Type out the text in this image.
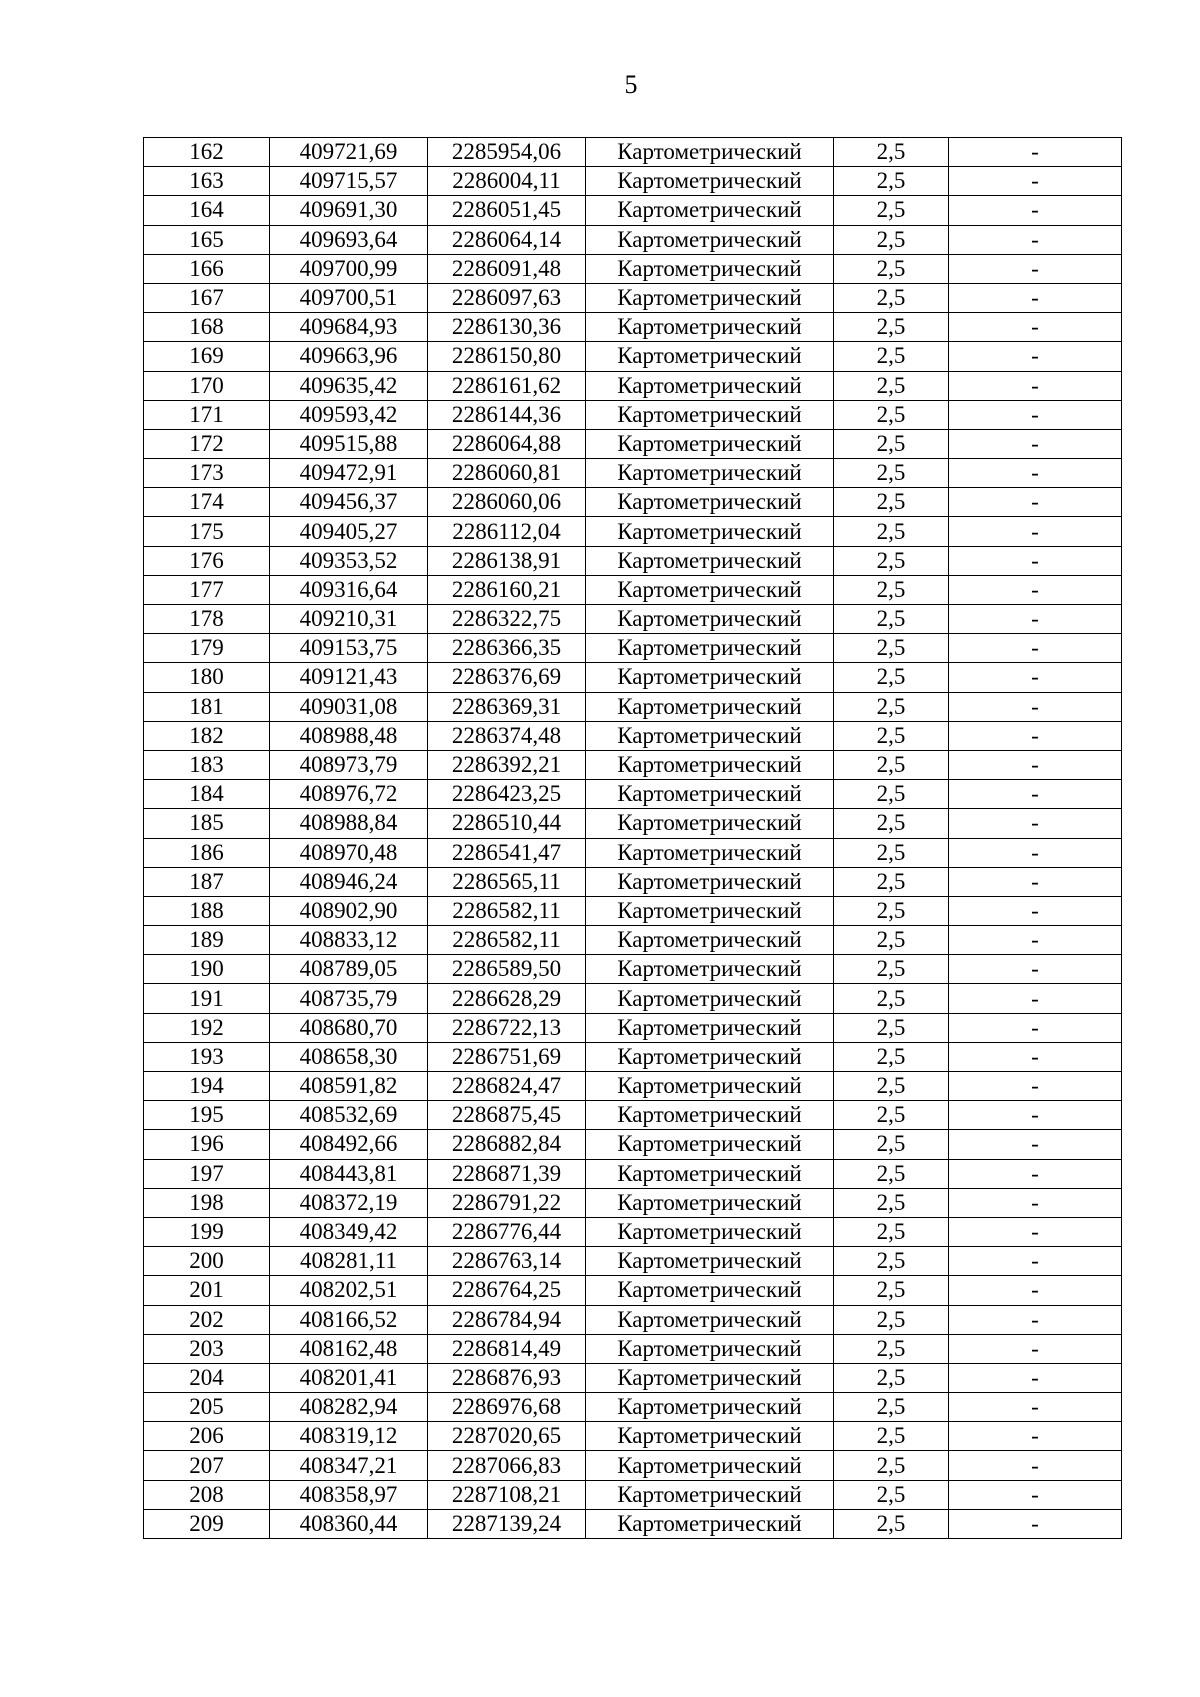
5
162	409721,69	2285954,06	Картометрический	2,5	-
163	409715,57	2286004,11	Картометрический	2,5	-
164	409691,30	2286051,45	Картометрический	2,5	-
165	409693,64	2286064,14	Картометрический	2,5	-
166	409700,99	2286091,48	Картометрический	2,5	-
167	409700,51	2286097,63	Картометрический	2,5	-
168	409684,93	2286130,36	Картометрический	2,5	-
169	409663,96	2286150,80	Картометрический	2,5	-
170	409635,42	2286161,62	Картометрический	2,5	-
171	409593,42	2286144,36	Картометрический	2,5	-
172	409515,88	2286064,88	Картометрический	2,5	-
173	409472,91	2286060,81	Картометрический	2,5	-
174	409456,37	2286060,06	Картометрический	2,5	-
175	409405,27	2286112,04	Картометрический	2,5	-
176	409353,52	2286138,91	Картометрический	2,5	-
177	409316,64	2286160,21	Картометрический	2,5	-
178	409210,31	2286322,75	Картометрический	2,5	-
179	409153,75	2286366,35	Картометрический	2,5	-
180	409121,43	2286376,69	Картометрический	2,5	-
181	409031,08	2286369,31	Картометрический	2,5	-
182	408988,48	2286374,48	Картометрический	2,5	-
183	408973,79	2286392,21	Картометрический	2,5	-
184	408976,72	2286423,25	Картометрический	2,5	-
185	408988,84	2286510,44	Картометрический	2,5	-
186	408970,48	2286541,47	Картометрический	2,5	-
187	408946,24	2286565,11	Картометрический	2,5	-
188	408902,90	2286582,11	Картометрический	2,5	-
189	408833,12	2286582,11	Картометрический	2,5	-
190	408789,05	2286589,50	Картометрический	2,5	-
191	408735,79	2286628,29	Картометрический	2,5	-
192	408680,70	2286722,13	Картометрический	2,5	-
193	408658,30	2286751,69	Картометрический	2,5	-
194	408591,82	2286824,47	Картометрический	2,5	-
195	408532,69	2286875,45	Картометрический	2,5	-
196	408492,66	2286882,84	Картометрический	2,5	-
197	408443,81	2286871,39	Картометрический	2,5	-
198	408372,19	2286791,22	Картометрический	2,5	-
199	408349,42	2286776,44	Картометрический	2,5	-
200	408281,11	2286763,14	Картометрический	2,5	-
201	408202,51	2286764,25	Картометрический	2,5	-
202	408166,52	2286784,94	Картометрический	2,5	-
203	408162,48	2286814,49	Картометрический	2,5	-
204	408201,41	2286876,93	Картометрический	2,5	-
205	408282,94	2286976,68	Картометрический	2,5	-
206	408319,12	2287020,65	Картометрический	2,5	-
207	408347,21	2287066,83	Картометрический	2,5	-
208	408358,97	2287108,21	Картометрический	2,5	-
209	408360,44	2287139,24	Картометрический	2,5	-
